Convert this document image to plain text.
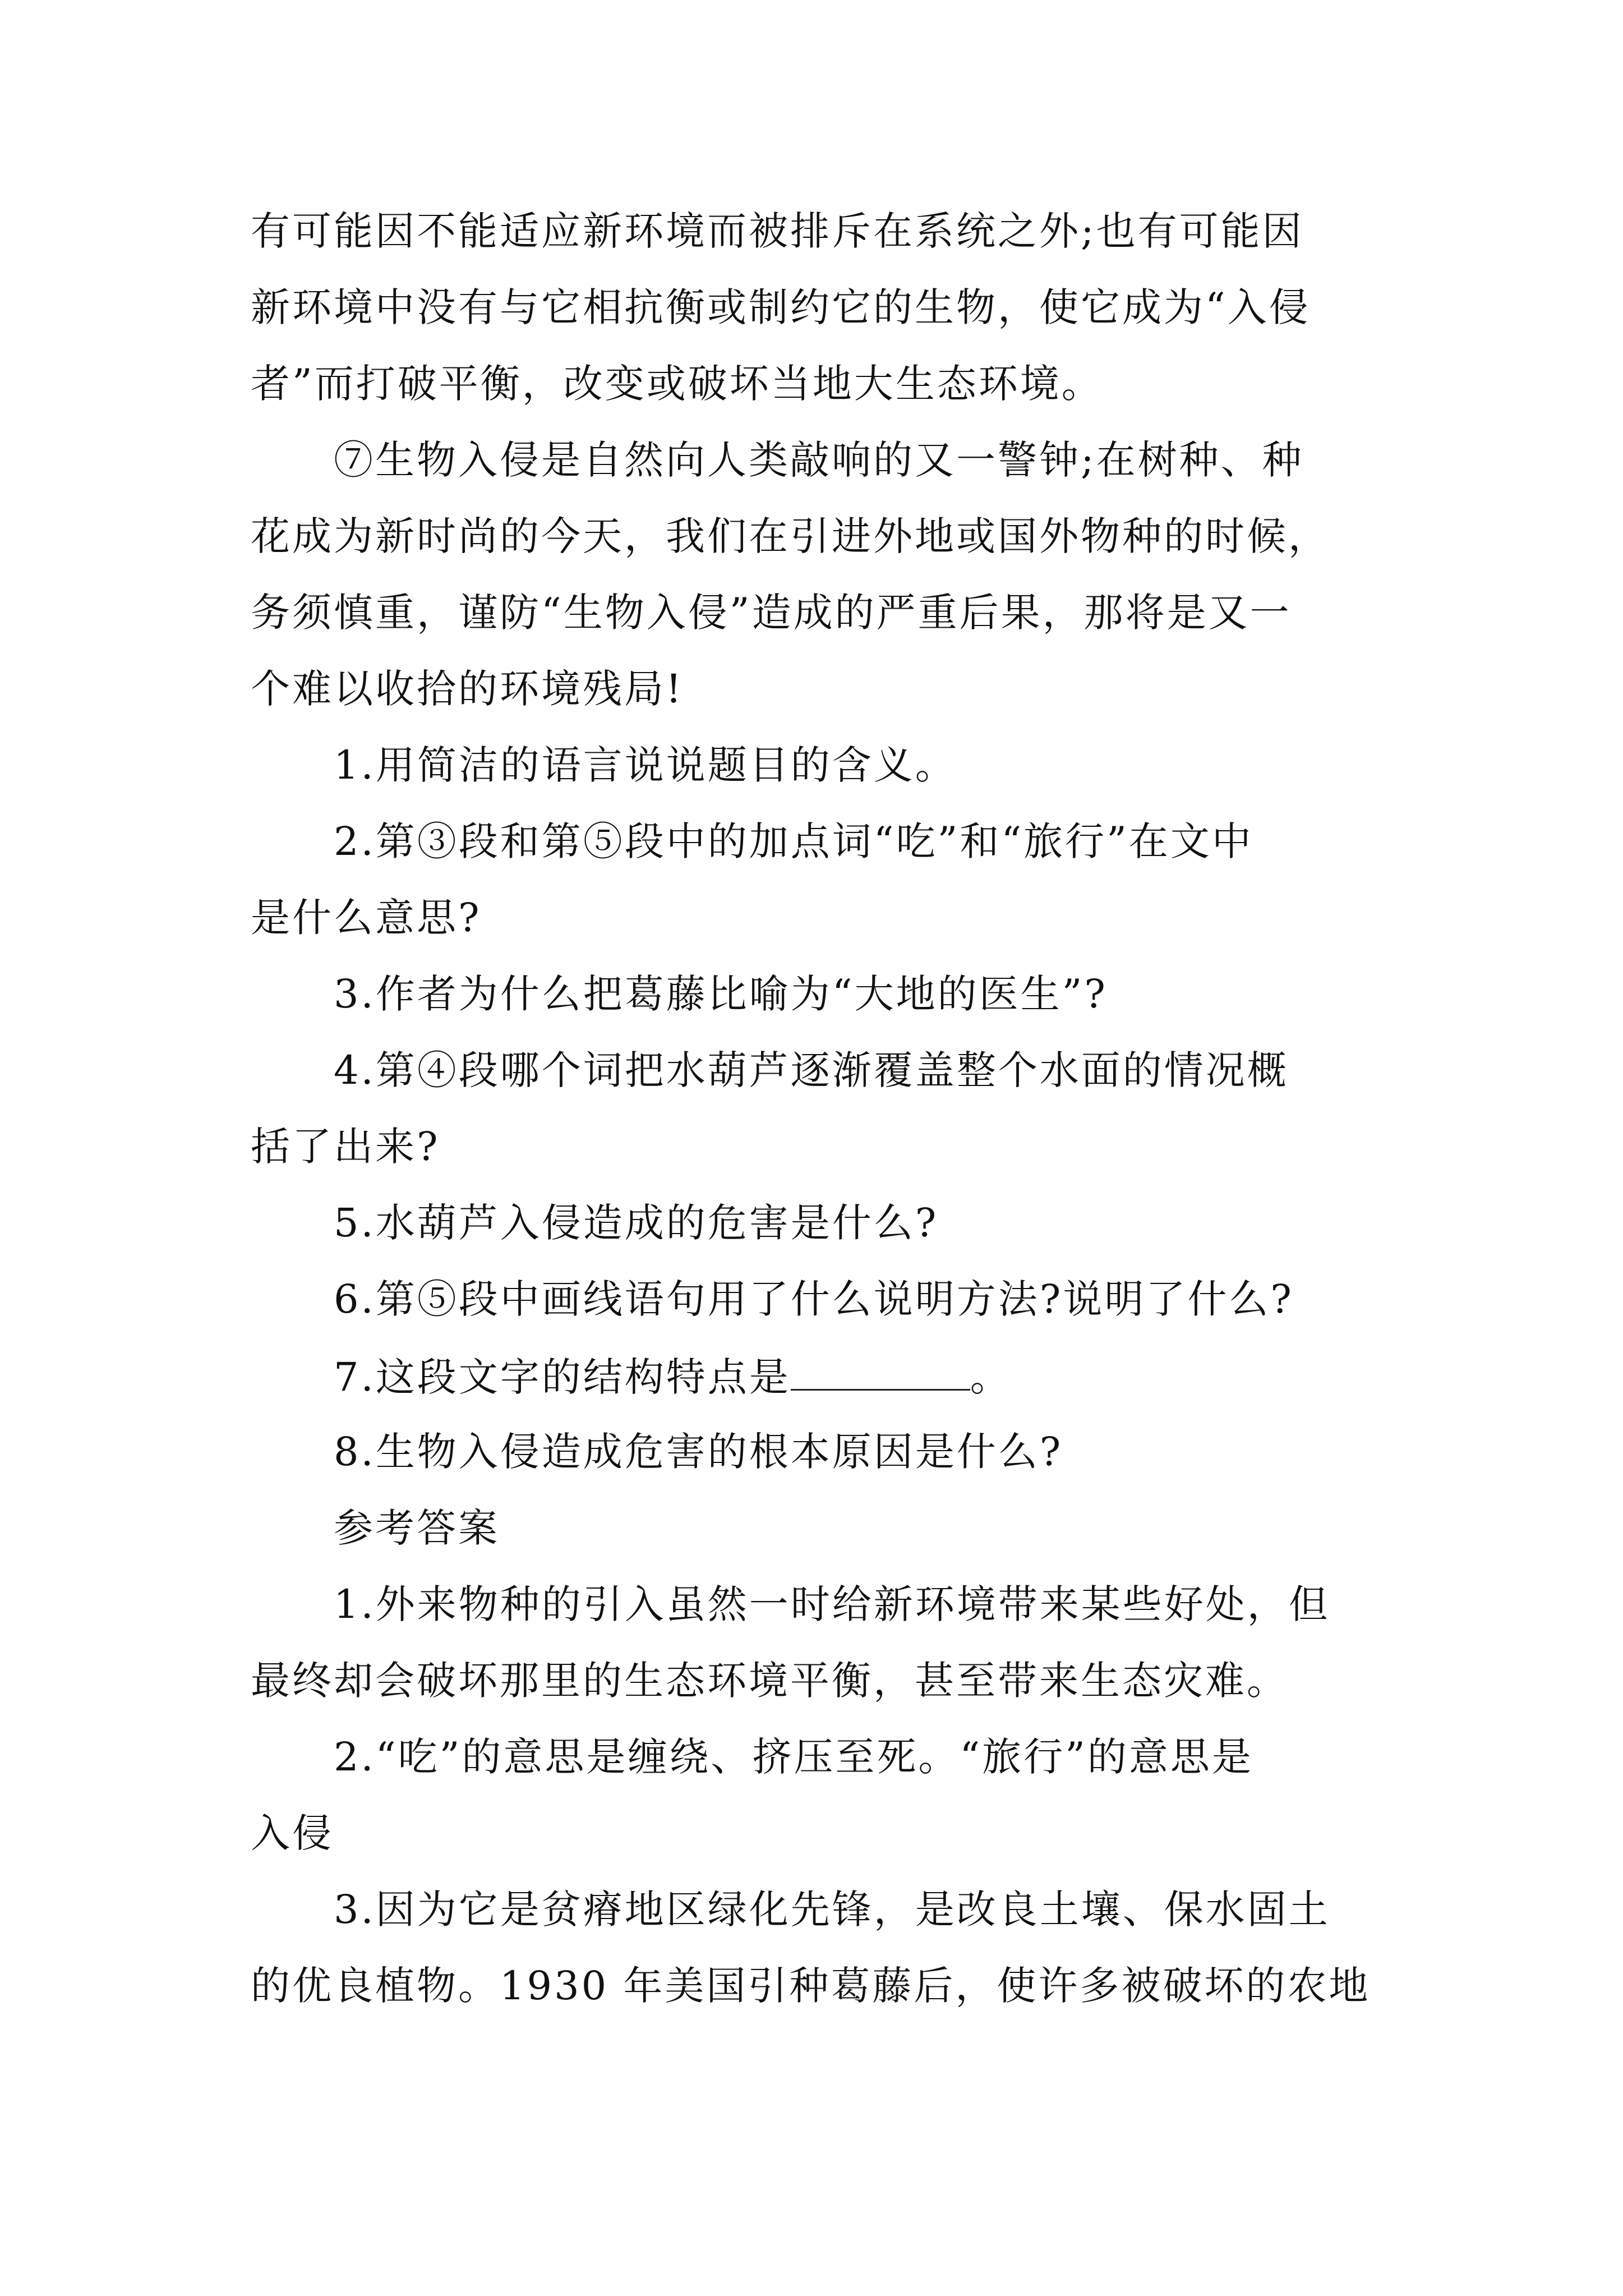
有可能因不能适应新环境而被排斥在系统之外;也有可能因

新环境中没有与它相抗衡或制约它的生物，使它成为“入侵

者”而打破平衡，改变或破坏当地大生态环境。

⑦生物入侵是自然向人类敲响的又一警钟;在树种、种

花成为新时尚的今天，我们在引进外地或国外物种的时候，

务须慎重，谨防“生物入侵”造成的严重后果，那将是又一

个难以收拾的环境残局!

1.用简洁的语言说说题目的含义。

2.第③段和第⑤段中的加点词“吃”和“旅行”在文中

是什么意思?

3.作者为什么把葛藤比喻为“大地的医生”?

4.第④段哪个词把水葫芦逐渐覆盖整个水面的情况概

括了出来?

5.水葫芦入侵造成的危害是什么?

6.第⑤段中画线语句用了什么说明方法?说明了什么?

7.这段文字的结构特点是	。

8.生物入侵造成危害的根本原因是什么?

参考答案

1.外来物种的引入虽然一时给新环境带来某些好处，但

最终却会破坏那里的生态环境平衡，甚至带来生态灾难。

2.“吃”的意思是缠绕、挤压至死。“旅行”的意思是

入侵

3.因为它是贫瘠地区绿化先锋，是改良土壤、保水固土

的优良植物。1930 年美国引种葛藤后，使许多被破坏的农地
